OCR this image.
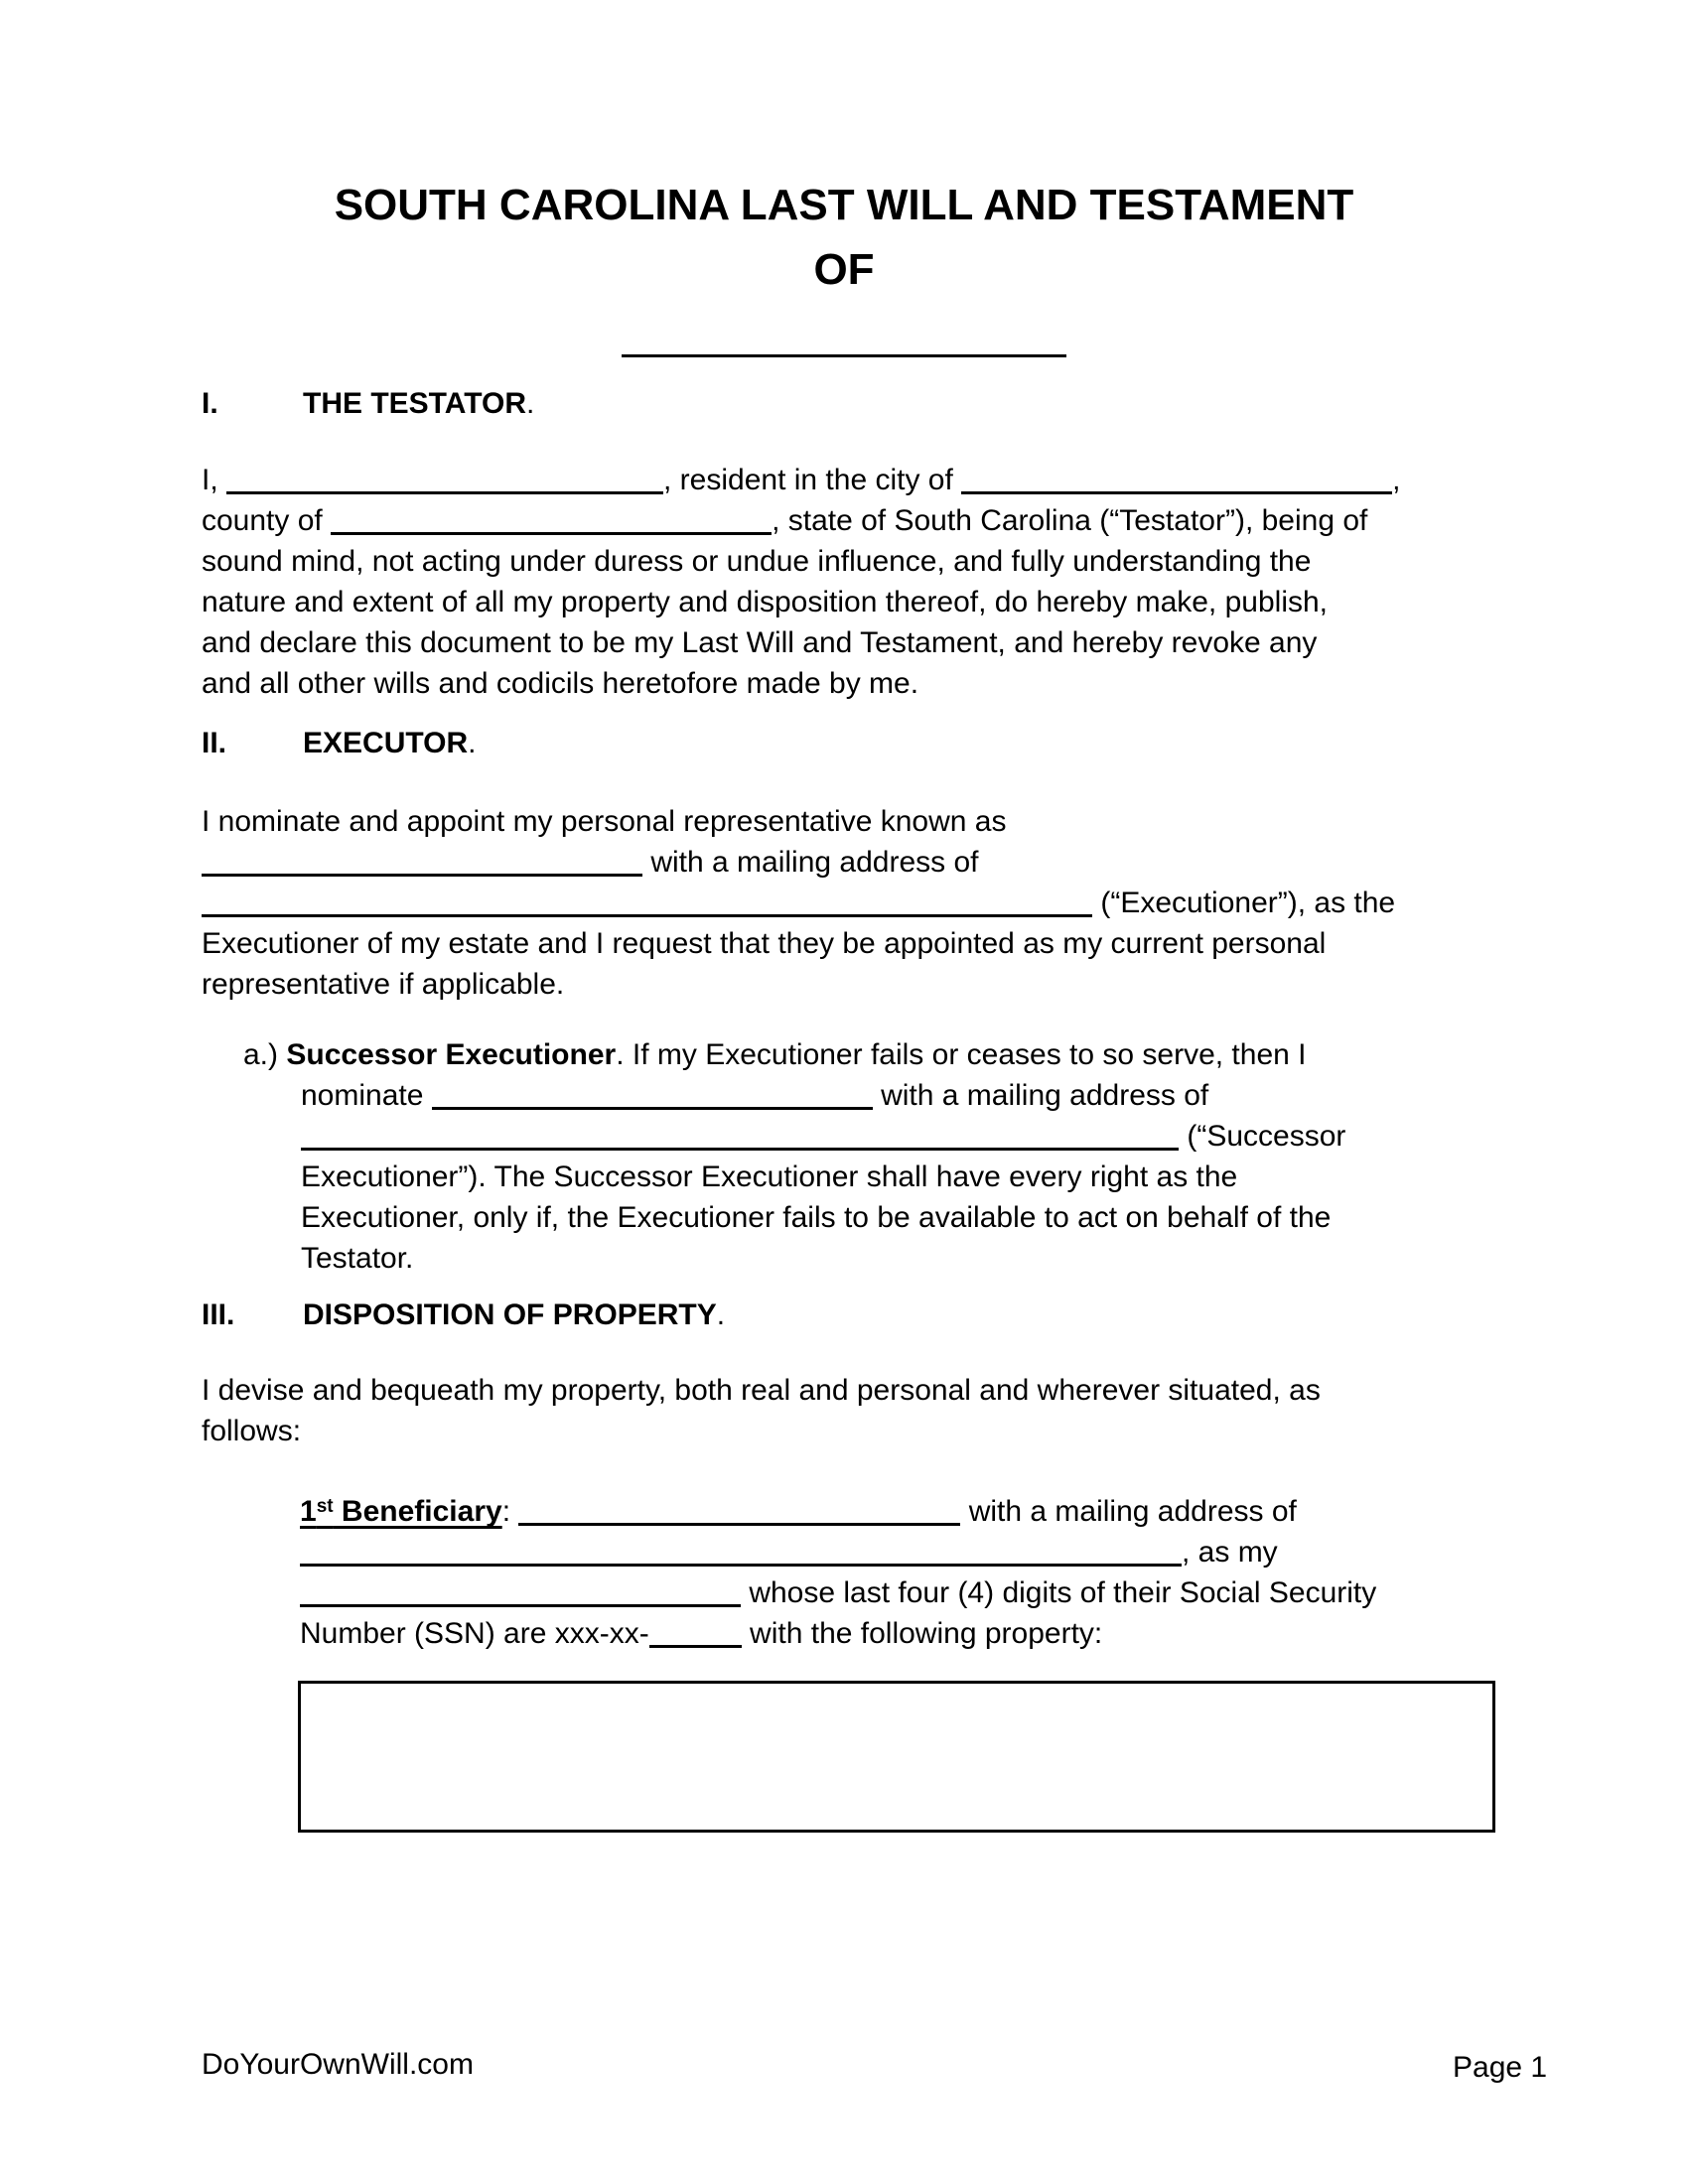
SOUTH CAROLINA LAST WILL AND TESTAMENT
OF
I.	THE TESTATOR.
I,	, resident in the city of	,
county of	, state of South Carolina (“Testator”), being of
sound mind, not acting under duress or undue influence, and fully understanding the
nature and extent of all my property and disposition thereof, do hereby make, publish,
and declare this document to be my Last Will and Testament, and hereby revoke any
and all other wills and codicils heretofore made by me.
II.	EXECUTOR.
I nominate and appoint my personal representative known as
with a mailing address of
(“Executioner”), as the
Executioner of my estate and I request that they be appointed as my current personal
representative if applicable.
a.) Successor Executioner. If my Executioner fails or ceases to so serve, then I
nominate	with a mailing address of
(“Successor
Executioner”). The Successor Executioner shall have every right as the
Executioner, only if, the Executioner fails to be available to act on behalf of the
Testator.
III. DISPOSITION OF PROPERTY.
I devise and bequeath my property, both real and personal and wherever situated, as
follows:
1st Beneficiary:	with a mailing address of
, as my
whose last four (4) digits of their Social Security
Number (SSN) are xxx-xx-	with the following property:
DoYourOwnWill.com	Page 1
